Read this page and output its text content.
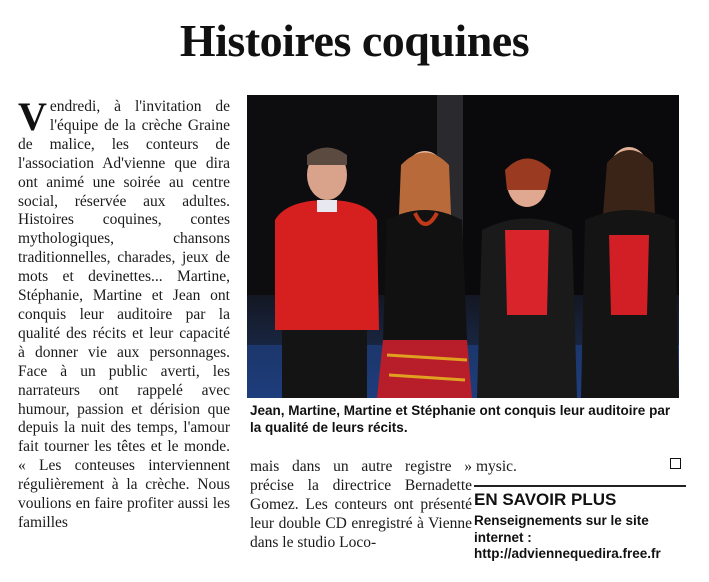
Histoires coquines
V endredi, à l'invitation de l'équipe de la crèche Graine de malice, les conteurs de l'association Ad'vienne que dira ont animé une soirée au centre social, réservée aux adultes. Histoires coquines, contes mythologiques, chansons traditionnelles, charades, jeux de mots et devinettes... Martine, Stéphanie, Martine et Jean ont conquis leur auditoire par la qualité des récits et leur capacité à donner vie aux personnages. Face à un public averti, les narrateurs ont rappelé avec humour, passion et dérision que depuis la nuit des temps, l'amour fait tourner les têtes et le monde. « Les conteuses interviennent régulièrement à la crèche. Nous voulions en faire profiter aussi les familles
Jean, Martine, Martine et Stéphanie ont conquis leur auditoire par la qualité de leurs récits.

mais dans un autre registre » précise la directrice Bernadette Gomez. Les conteurs ont présenté leur double CD enregistré à Vienne dans le studio Loco-

mysic.

EN SAVOIR PLUS
Renseignements sur le site internet :
http://adviennequedira.free.fr
